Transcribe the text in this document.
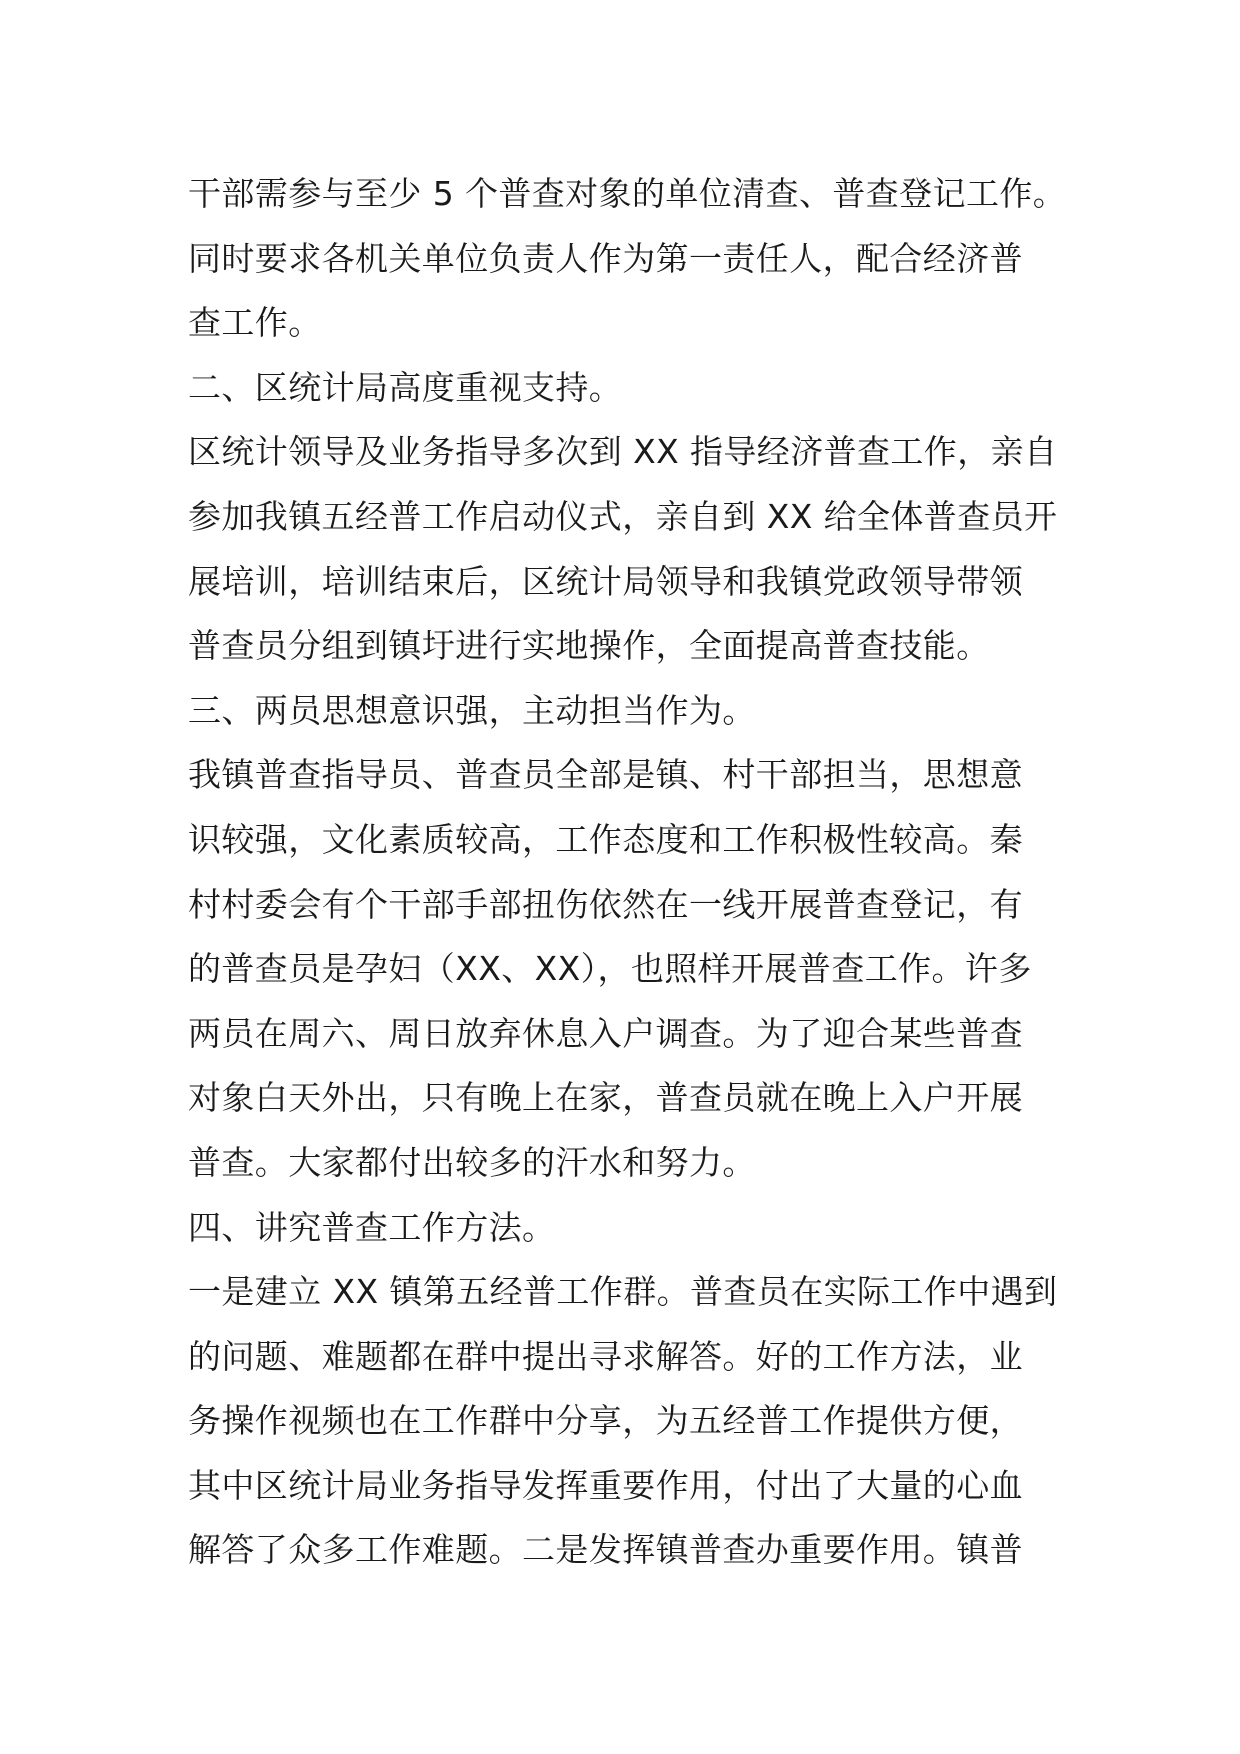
干部需参与至少 5 个普查对象的单位清查、普查登记工作。
同时要求各机关单位负责人作为第一责任人，配合经济普
查工作。
二、区统计局高度重视支持。
区统计领导及业务指导多次到 XX 指导经济普查工作，亲自
参加我镇五经普工作启动仪式，亲自到 XX 给全体普查员开
展培训，培训结束后，区统计局领导和我镇党政领导带领
普查员分组到镇圩进行实地操作，全面提高普查技能。
三、两员思想意识强，主动担当作为。
我镇普查指导员、普查员全部是镇、村干部担当，思想意
识较强，文化素质较高，工作态度和工作积极性较高。秦
村村委会有个干部手部扭伤依然在一线开展普查登记，有
的普查员是孕妇（XX、XX），也照样开展普查工作。许多
两员在周六、周日放弃休息入户调查。为了迎合某些普查
对象白天外出，只有晚上在家，普查员就在晚上入户开展
普查。大家都付出较多的汗水和努力。
四、讲究普查工作方法。
一是建立 XX 镇第五经普工作群。普查员在实际工作中遇到
的问题、难题都在群中提出寻求解答。好的工作方法，业
务操作视频也在工作群中分享，为五经普工作提供方便，
其中区统计局业务指导发挥重要作用，付出了大量的心血
解答了众多工作难题。二是发挥镇普查办重要作用。镇普
